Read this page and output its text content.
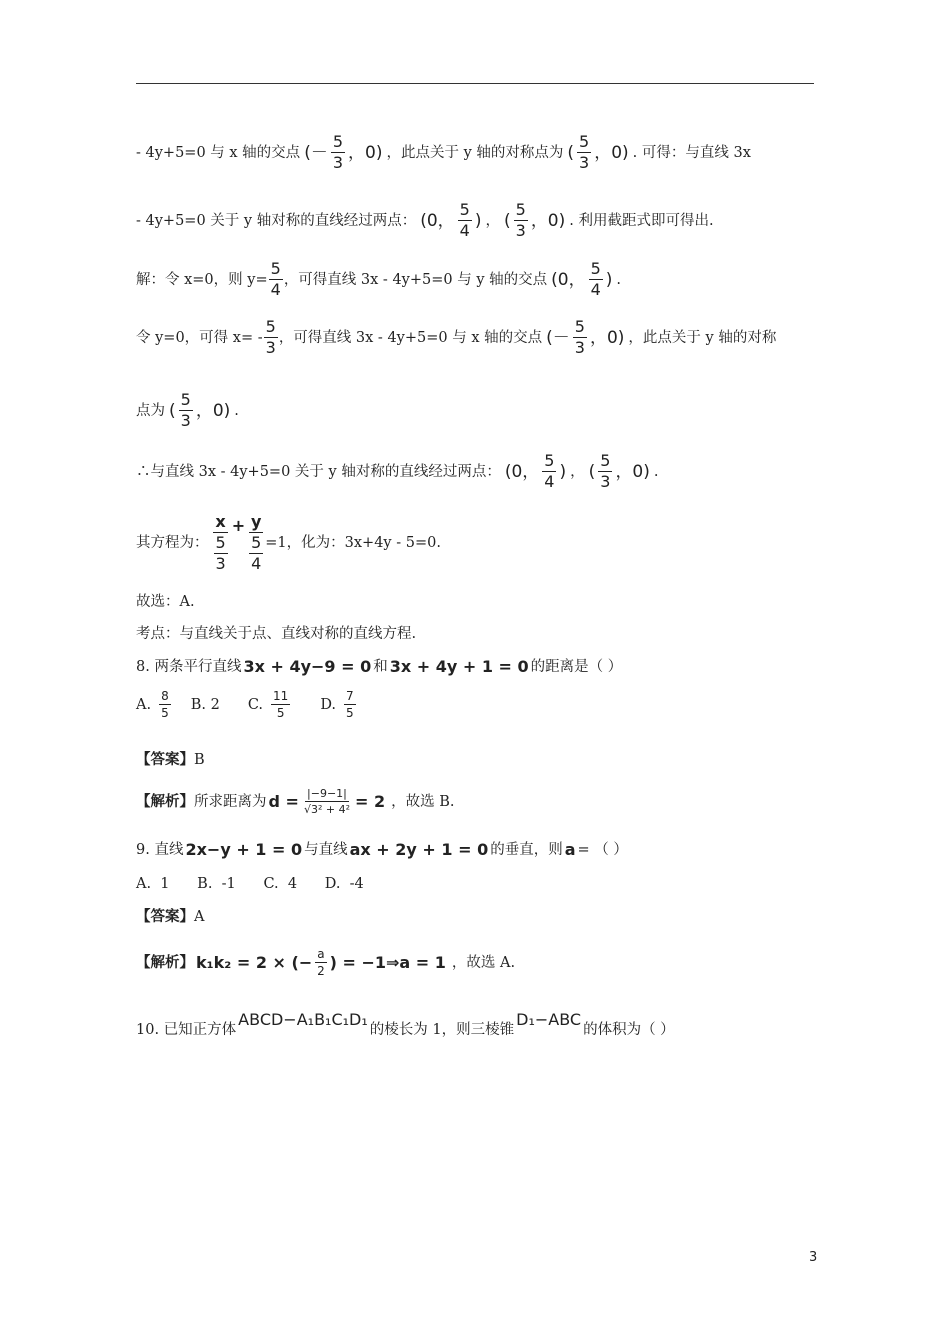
- 4y+5=0 与 x 轴的交点 (－ $\frac{5}{3}$ ，0) ，此点关于 y 轴的对称点为 ( $\frac{5}{3}$ ，0) . 可得：与直线 3x
- 4y+5=0 关于 y 轴对称的直线经过两点： (0， $\frac{5}{4}$ ) ， ( $\frac{5}{3}$ ，0) . 利用截距式即可得出.
解：令 x=0，则 $y= \frac{5}{4}$ ，可得直线 3x - 4y+5=0 与 y 轴的交点 (0， $\frac{5}{4}$ ) .
令 y=0，可得 $x= - \frac{5}{3}$ ，可得直线 3x - 4y+5=0 与 x 轴的交点 (－ $\frac{5}{3}$ ，0) ，此点关于 y 轴的对称
点为 ( $\frac{5}{3}$ ，0) .
∴与直线 3x - 4y+5=0 关于 y 轴对称的直线经过两点： (0， $\frac{5}{4}$ ) ， ( $\frac{5}{3}$ ，0) .
其方程为： $\frac{x}{\frac{5}{3}} + \frac{y}{\frac{5}{4}} =1$，化为：3x+4y - 5=0.
故选：A.
考点：与直线关于点、直线对称的直线方程.
8. 两条平行直线 3x + 4y−9 = 0 和 3x + 4y + 1 = 0 的距离是（ ）
A. $\frac{8}{5} B$. 2 C. $\frac{11}{5} D$. $\frac{7}{5}$
【答案】 B
【解析】 所求距离为 $d = \frac{|-9-1|}{\text{√3² + 4²}} = 2$ ，故选 B.
9. 直线 2x−y + 1 = 0 与直线 ax + 2y + 1 = 0 的垂直，则 a = （ ）
A.  1      B.  -1      C.  4      D.  -4
【答案】 A
【解析】 k₁k₂ = 2 × (− $\frac{a}{2}$ ) = −1⇒a = 1 ，故选 A.
10. 已知正方体
ABCD−A₁B₁C₁D₁
的棱长为 1，则三棱锥
D₁−ABC
的体积为（ ）
3
